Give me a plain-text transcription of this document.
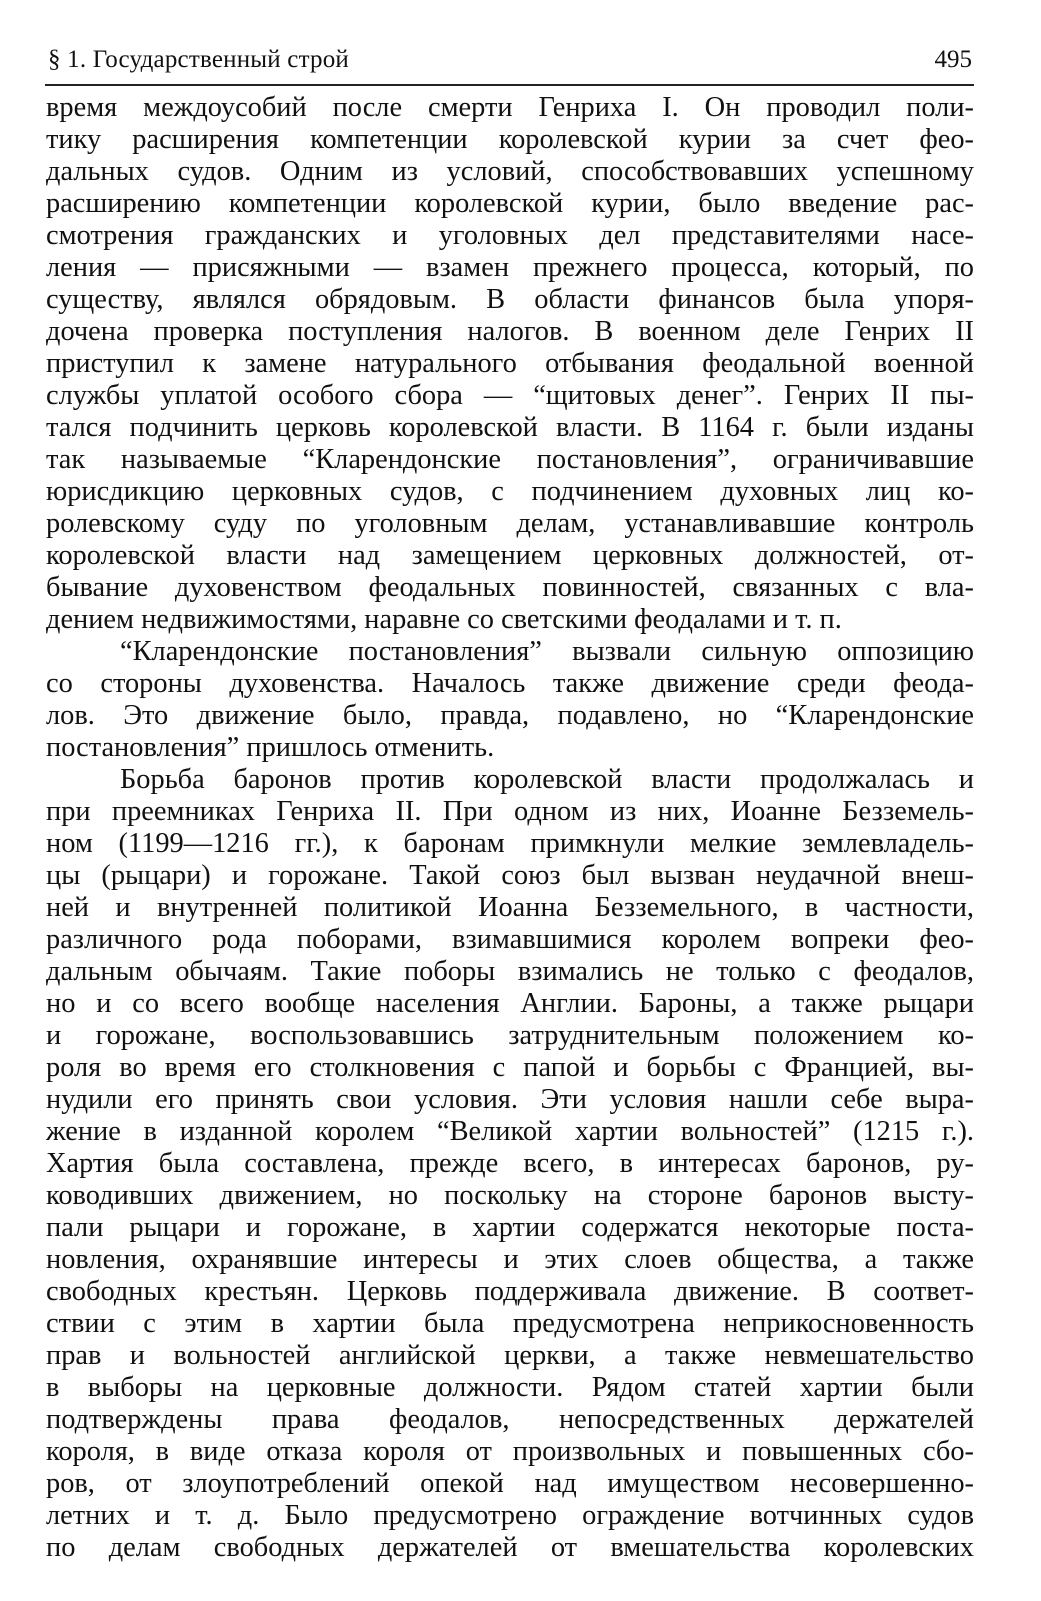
§ 1. Государственный строй	495
время междоусобий после смерти Генриха I. Он проводил поли-
тику расширения компетенции королевской курии за счет фео-
дальных судов. Одним из условий, способствовавших успешному
расширению компетенции королевской курии, было введение рас-
смотрения гражданских и уголовных дел представителями насе-
ления — присяжными — взамен прежнего процесса, который, по
существу, являлся обрядовым. В области финансов была упоря-
дочена проверка поступления налогов. В военном деле Генрих II
приступил к замене натурального отбывания феодальной военной
службы уплатой особого сбора — “щитовых денег”. Генрих II пы-
тался подчинить церковь королевской власти. В 1164 г. были изданы
так называемые “Кларендонские постановления”, ограничивавшие
юрисдикцию церковных судов, с подчинением духовных лиц ко-
ролевскому суду по уголовным делам, устанавливавшие контроль
королевской власти над замещением церковных должностей, от-
бывание духовенством феодальных повинностей, связанных с вла-
дением недвижимостями, наравне со светскими феодалами и т. п.
“Кларендонские постановления” вызвали сильную оппозицию
со стороны духовенства. Началось также движение среди феода-
лов. Это движение было, правда, подавлено, но “Кларендонские
постановления” пришлось отменить.
Борьба баронов против королевской власти продолжалась и
при преемниках Генриха II. При одном из них, Иоанне Безземель-
ном (1199—1216 гг.), к баронам примкнули мелкие землевладель-
цы (рыцари) и горожане. Такой союз был вызван неудачной внеш-
ней и внутренней политикой Иоанна Безземельного, в частности,
различного рода поборами, взимавшимися королем вопреки фео-
дальным обычаям. Такие поборы взимались не только с феодалов,
но и со всего вообще населения Англии. Бароны, а также рыцари
и горожане, воспользовавшись затруднительным положением ко-
роля во время его столкновения с папой и борьбы с Францией, вы-
нудили его принять свои условия. Эти условия нашли себе выра-
жение в изданной королем “Великой хартии вольностей” (1215 г.).
Хартия была составлена, прежде всего, в интересах баронов, ру-
ководивших движением, но поскольку на стороне баронов высту-
пали рыцари и горожане, в хартии содержатся некоторые поста-
новления, охранявшие интересы и этих слоев общества, а также
свободных крестьян. Церковь поддерживала движение. В соответ-
ствии с этим в хартии была предусмотрена неприкосновенность
прав и вольностей английской церкви, а также невмешательство
в выборы на церковные должности. Рядом статей хартии были
подтверждены права феодалов, непосредственных держателей
короля, в виде отказа короля от произвольных и повышенных сбо-
ров, от злоупотреблений опекой над имуществом несовершенно-
летних и т. д. Было предусмотрено ограждение вотчинных судов
по делам свободных держателей от вмешательства королевских
